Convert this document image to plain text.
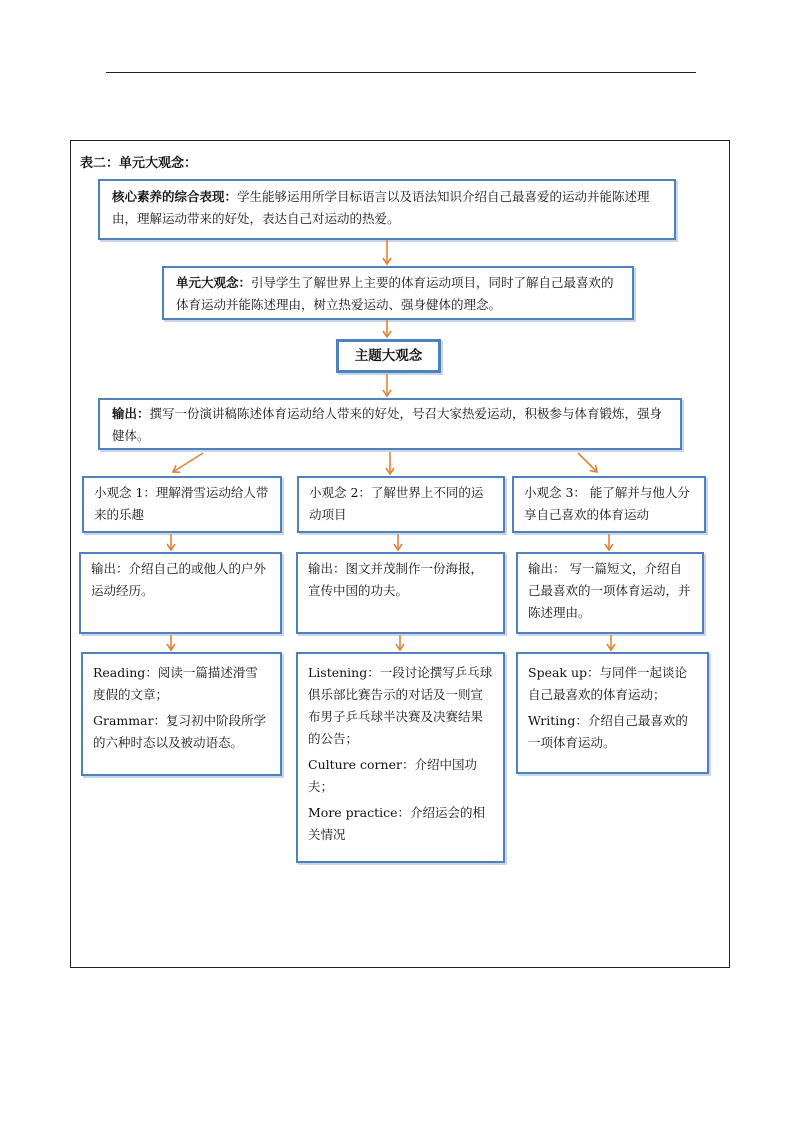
表二：单元大观念：

核心素养的综合表现：学生能够运用所学目标语言以及语法知识介绍自己最喜爱的运动并能陈述理由，理解运动带来的好处，表达自己对运动的热爱。

单元大观念：引导学生了解世界上主要的体育运动项目，同时了解自己最喜欢的体育运动并能陈述理由，树立热爱运动、强身健体的理念。

主题大观念

输出：撰写一份演讲稿陈述体育运动给人带来的好处，号召大家热爱运动，积极参与体育锻炼，强身健体。

小观念 1：理解滑雪运动给人带来的乐趣

输出：介绍自己的或他人的户外运动经历。

Reading：阅读一篇描述滑雪度假的文章；

Grammar：复习初中阶段所学的六种时态以及被动语态。

小观念 2：了解世界上不同的运动项目

输出：图文并茂制作一份海报，宣传中国的功夫。

Listening：一段讨论撰写乒乓球俱乐部比赛告示的对话及一则宣布男子乒乓球半决赛及决赛结果的公告；

Culture corner：介绍中国功夫；

More practice：介绍运会的相关情况

小观念 3： 能了解并与他人分享自己喜欢的体育运动

输出： 写一篇短文，介绍自己最喜欢的一项体育运动，并陈述理由。

Speak up：与同伴一起谈论自己最喜欢的体育运动；

Writing：介绍自己最喜欢的一项体育运动。
